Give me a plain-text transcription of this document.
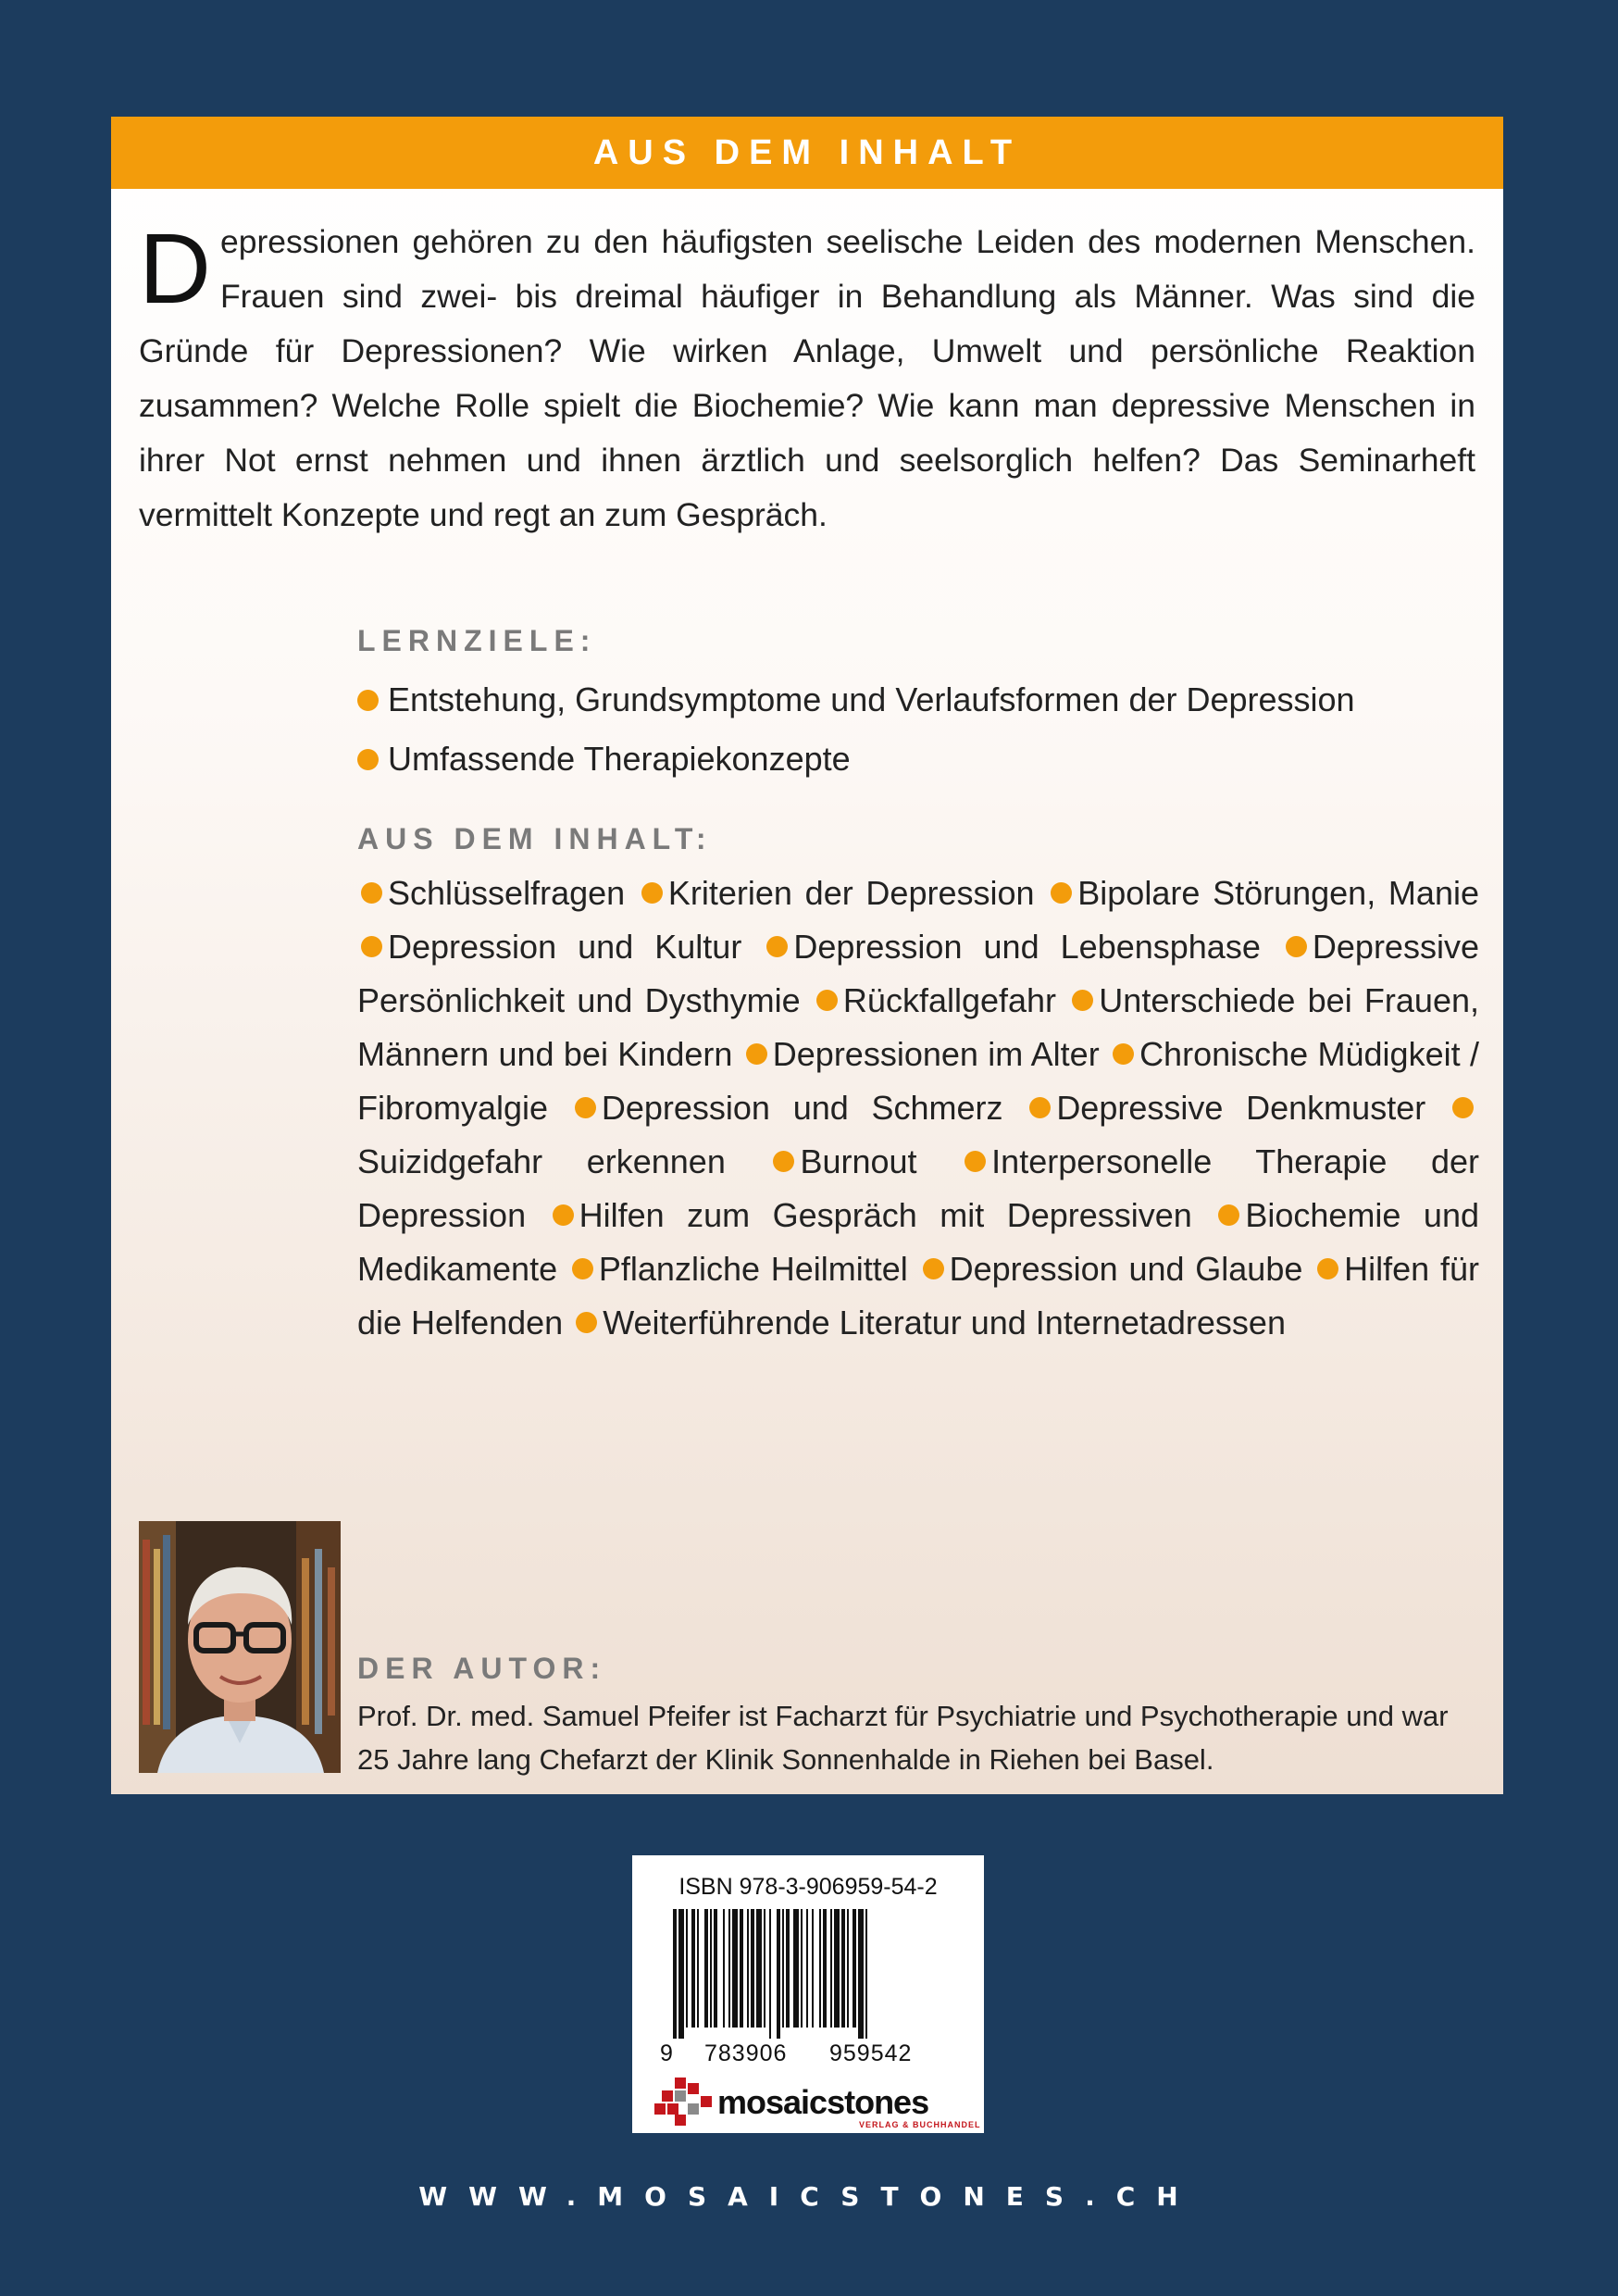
AUS DEM INHALT
Depressionen gehören zu den häufigsten seelische Leiden des modernen Menschen. Frauen sind zwei- bis dreimal häufiger in Behandlung als Männer. Was sind die Gründe für Depressionen? Wie wirken Anlage, Umwelt und persönliche Reaktion zusammen? Welche Rolle spielt die Biochemie? Wie kann man depressive Menschen in ihrer Not ernst nehmen und ihnen ärztlich und seelsorglich helfen? Das Seminarheft vermittelt Konzepte und regt an zum Gespräch.
LERNZIELE:
Entstehung, Grundsymptome und Verlaufsformen der Depression
Umfassende Therapiekonzepte
AUS DEM INHALT:
Schlüsselfragen Kriterien der Depression Bipolare Störungen, Manie Depression und Kultur Depression und Lebensphase Depressive Persönlichkeit und Dysthymie Rückfallgefahr Unterschiede bei Frauen, Männern und bei Kindern Depressionen im Alter Chronische Müdigkeit / Fibromyalgie Depression und Schmerz Depressive Denkmuster Suizidgefahr erkennen Burnout Interpersonelle Therapie der Depression Hilfen zum Gespräch mit Depressiven Biochemie und Medikamente Pflanzliche Heilmittel Depression und Glaube Hilfen für die Helfenden Weiterführende Literatur und Internetadressen
DER AUTOR:
Prof. Dr. med. Samuel Pfeifer ist Facharzt für Psychiatrie und Psychotherapie und war 25 Jahre lang Chefarzt der Klinik Sonnenhalde in Riehen bei Basel.
ISBN 978-3-906959-54-2
9 783906 959542
mosaicstones
VERLAG & BUCHHANDEL
WWW.MOSAICSTONES.CH
